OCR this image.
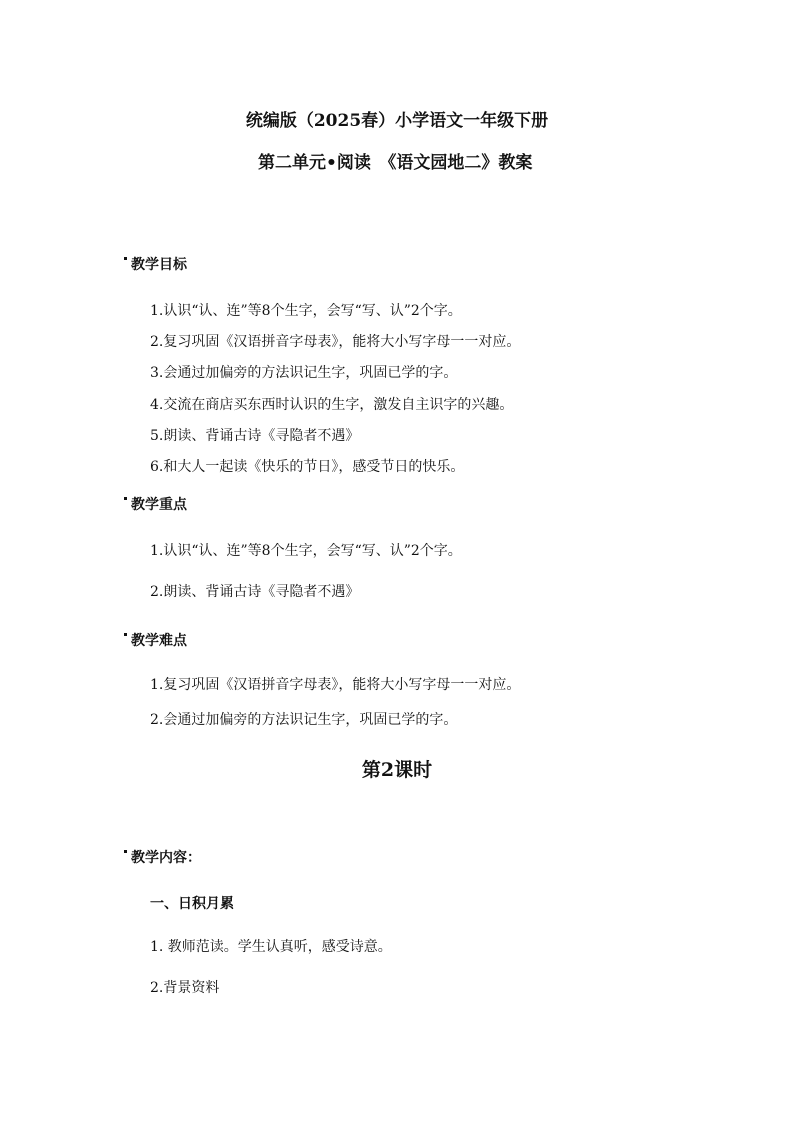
统编版（2025春）小学语文一年级下册
第二单元•阅读　《语文园地二》教案
教学目标
1.认识“认、连”等8个生字，会写“写、认”2个字。
2.复习巩固《汉语拼音字母表》，能将大小写字母一一对应。
3.会通过加偏旁的方法识记生字，巩固已学的字。
4.交流在商店买东西时认识的生字，激发自主识字的兴趣。
5.朗读、背诵古诗《寻隐者不遇》
6.和大人一起读《快乐的节日》，感受节日的快乐。
教学重点
1.认识“认、连”等8个生字，会写“写、认”2个字。
2.朗读、背诵古诗《寻隐者不遇》
教学难点
1.复习巩固《汉语拼音字母表》，能将大小写字母一一对应。
2.会通过加偏旁的方法识记生字，巩固已学的字。
第2课时
教学内容：
一、日积月累
1. 教师范读。学生认真听，感受诗意。
2.背景资料
